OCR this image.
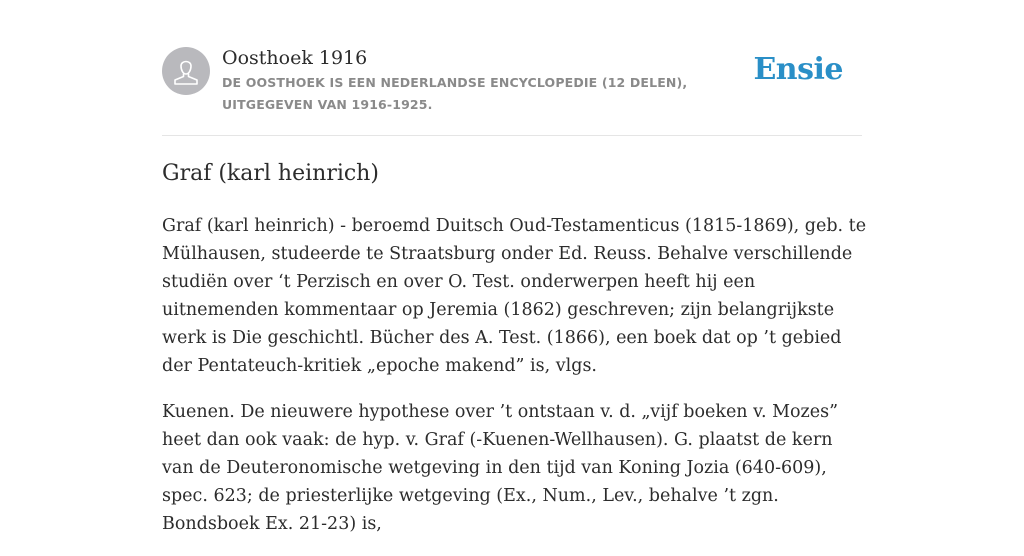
Oosthoek 1916
DE OOSTHOEK IS EEN NEDERLANDSE ENCYCLOPEDIE (12 DELEN), UITGEGEVEN VAN 1916-1925.
Ensie
Graf (karl heinrich)

Graf (karl heinrich) - beroemd Duitsch Oud-Testamenticus (1815-1869), geb. te Mülhausen, studeerde te Straatsburg onder Ed. Reuss. Behalve verschillende studiën over ‘t Perzisch en over O. Test. onderwerpen heeft hij een uitnemenden kommentaar op Jeremia (1862) geschreven; zijn belangrijkste werk is Die geschichtl. Bücher des A. Test. (1866), een boek dat op ’t gebied der Pentateuch-kritiek „epoche makend” is, vlgs.

Kuenen. De nieuwere hypothese over ’t ontstaan v. d. „vijf boeken v. Mozes” heet dan ook vaak: de hyp. v. Graf (-Kuenen-Wellhausen). G. plaatst de kern van de Deuteronomische wetgeving in den tijd van Koning Jozia (640-609), spec. 623; de priesterlijke wetgeving (Ex., Num., Lev., behalve ’t zgn. Bondsboek Ex. 21-23) is,
